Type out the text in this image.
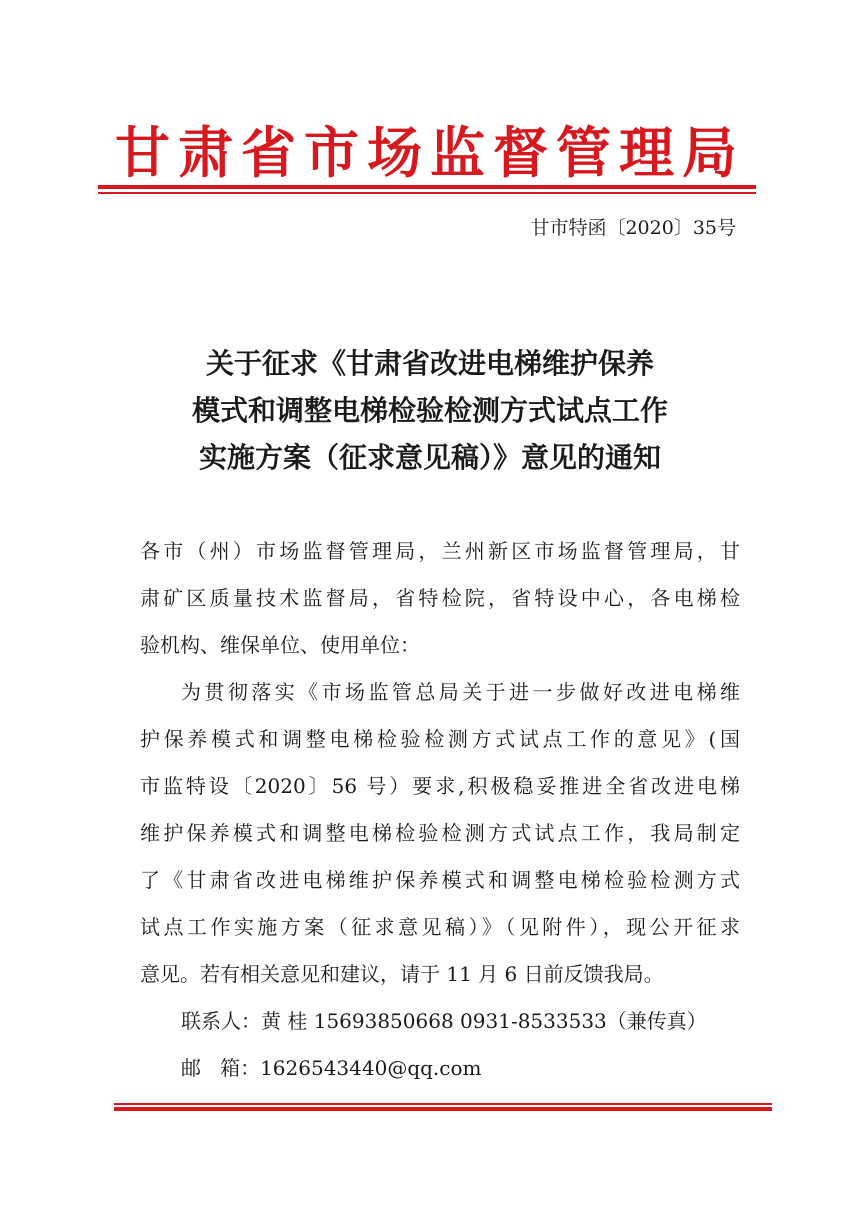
甘肃省市场监督管理局
甘市特函〔2020〕35号
关于征求《甘肃省改进电梯维护保养
模式和调整电梯检验检测方式试点工作
实施方案（征求意见稿）》意见的通知
各市（州）市场监督管理局，兰州新区市场监督管理局，甘
肃矿区质量技术监督局，省特检院，省特设中心，各电梯检
验机构、维保单位、使用单位：
为贯彻落实《市场监管总局关于进一步做好改进电梯维
护保养模式和调整电梯检验检测方式试点工作的意见》(国
市监特设〔2020〕56 号）要求,积极稳妥推进全省改进电梯
维护保养模式和调整电梯检验检测方式试点工作，我局制定
了《甘肃省改进电梯维护保养模式和调整电梯检验检测方式
试点工作实施方案（征求意见稿）》（见附件），现公开征求
意见。若有相关意见和建议，请于 11 月 6 日前反馈我局。
联系人：黄 桂 15693850668 0931-8533533（兼传真）
邮   箱：1626543440@qq.com
